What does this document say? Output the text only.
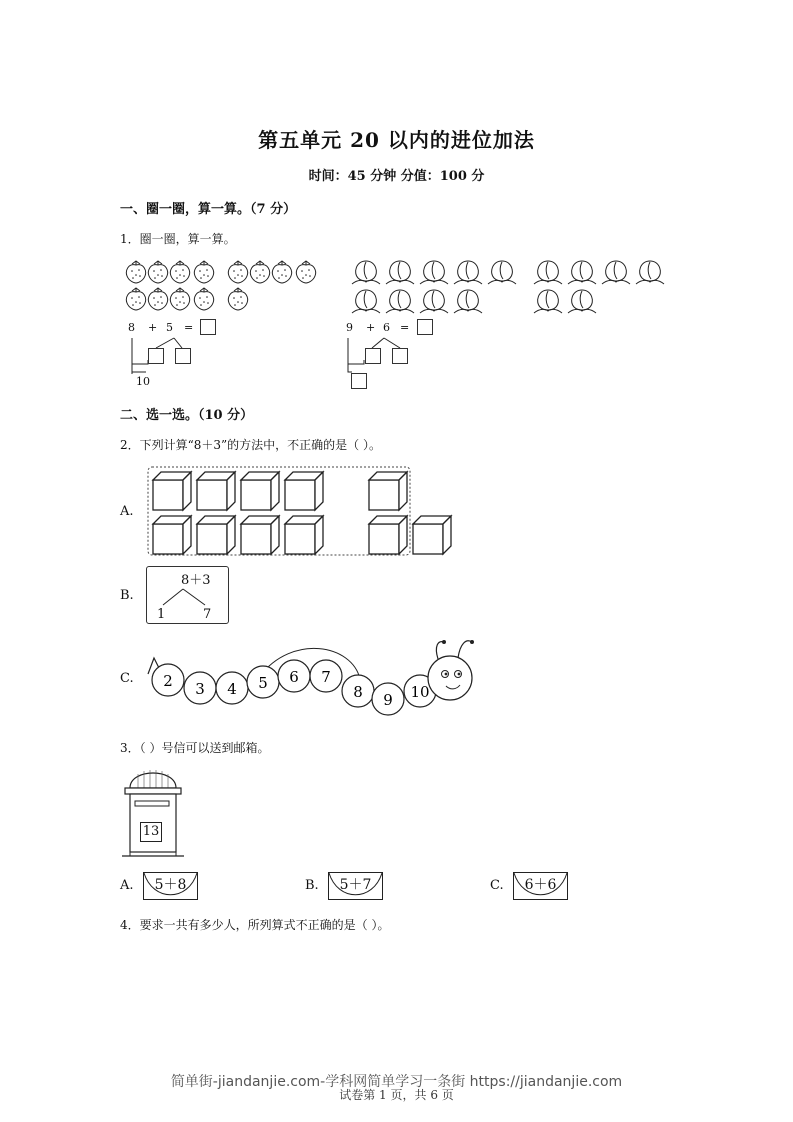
第五单元 20 以内的进位加法
时间：45 分钟 分值：100 分
一、圈一圈，算一算。（7 分）
1．圈一圈，算一算。
8 + 5 =
10
9 + 6 =
二、选一选。（10 分）
2．下列计算“8＋3”的方法中，不正确的是（ ）。
A.
B.
8＋3
1	7
C. 2 3 4 5 6 7
8 9 10
3．（ ）号信可以送到邮箱。
13
A.	5＋8	B.	5＋7	C.	6＋6
4．要求一共有多少人，所列算式不正确的是（ ）。
试卷第 1 页，共 6 页
简单街-jiandanjie.com-学科网简单学习一条街 https://jiandanjie.com
